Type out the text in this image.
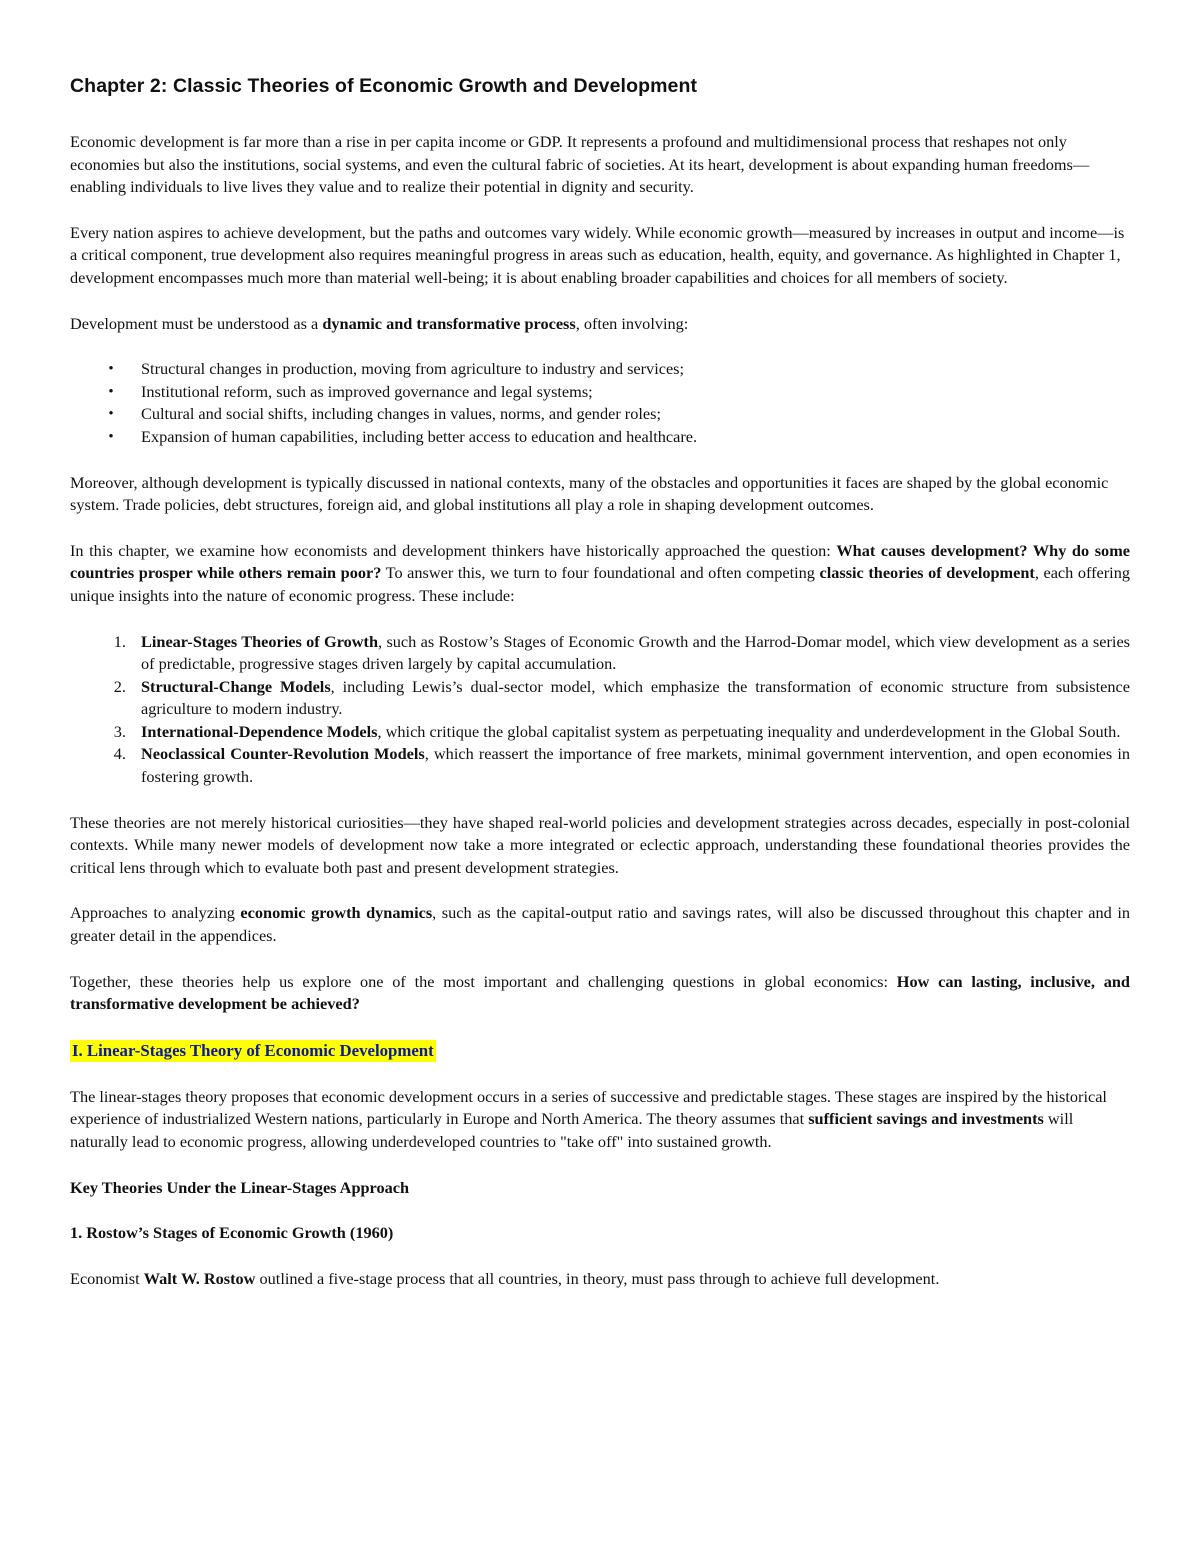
Chapter 2: Classic Theories of Economic Growth and Development

Economic development is far more than a rise in per capita income or GDP. It represents a profound and multidimensional process that reshapes not only economies but also the institutions, social systems, and even the cultural fabric of societies. At its heart, development is about expanding human freedoms—enabling individuals to live lives they value and to realize their potential in dignity and security.

Every nation aspires to achieve development, but the paths and outcomes vary widely. While economic growth—measured by increases in output and income—is a critical component, true development also requires meaningful progress in areas such as education, health, equity, and governance. As highlighted in Chapter 1, development encompasses much more than material well-being; it is about enabling broader capabilities and choices for all members of society.

Development must be understood as a dynamic and transformative process, often involving:

• Structural changes in production, moving from agriculture to industry and services;
• Institutional reform, such as improved governance and legal systems;
• Cultural and social shifts, including changes in values, norms, and gender roles;
• Expansion of human capabilities, including better access to education and healthcare.

Moreover, although development is typically discussed in national contexts, many of the obstacles and opportunities it faces are shaped by the global economic system. Trade policies, debt structures, foreign aid, and global institutions all play a role in shaping development outcomes.

In this chapter, we examine how economists and development thinkers have historically approached the question: What causes development? Why do some countries prosper while others remain poor? To answer this, we turn to four foundational and often competing classic theories of development, each offering unique insights into the nature of economic progress. These include:

1. Linear-Stages Theories of Growth, such as Rostow’s Stages of Economic Growth and the Harrod-Domar model, which view development as a series of predictable, progressive stages driven largely by capital accumulation.
2. Structural-Change Models, including Lewis’s dual-sector model, which emphasize the transformation of economic structure from subsistence agriculture to modern industry.
3. International-Dependence Models, which critique the global capitalist system as perpetuating inequality and underdevelopment in the Global South.
4. Neoclassical Counter-Revolution Models, which reassert the importance of free markets, minimal government intervention, and open economies in fostering growth.

These theories are not merely historical curiosities—they have shaped real-world policies and development strategies across decades, especially in post-colonial contexts. While many newer models of development now take a more integrated or eclectic approach, understanding these foundational theories provides the critical lens through which to evaluate both past and present development strategies.

Approaches to analyzing economic growth dynamics, such as the capital-output ratio and savings rates, will also be discussed throughout this chapter and in greater detail in the appendices.

Together, these theories help us explore one of the most important and challenging questions in global economics: How can lasting, inclusive, and transformative development be achieved?

I. Linear-Stages Theory of Economic Development

The linear-stages theory proposes that economic development occurs in a series of successive and predictable stages. These stages are inspired by the historical experience of industrialized Western nations, particularly in Europe and North America. The theory assumes that sufficient savings and investments will naturally lead to economic progress, allowing underdeveloped countries to "take off" into sustained growth.

Key Theories Under the Linear-Stages Approach

1. Rostow’s Stages of Economic Growth (1960)

Economist Walt W. Rostow outlined a five-stage process that all countries, in theory, must pass through to achieve full development.
